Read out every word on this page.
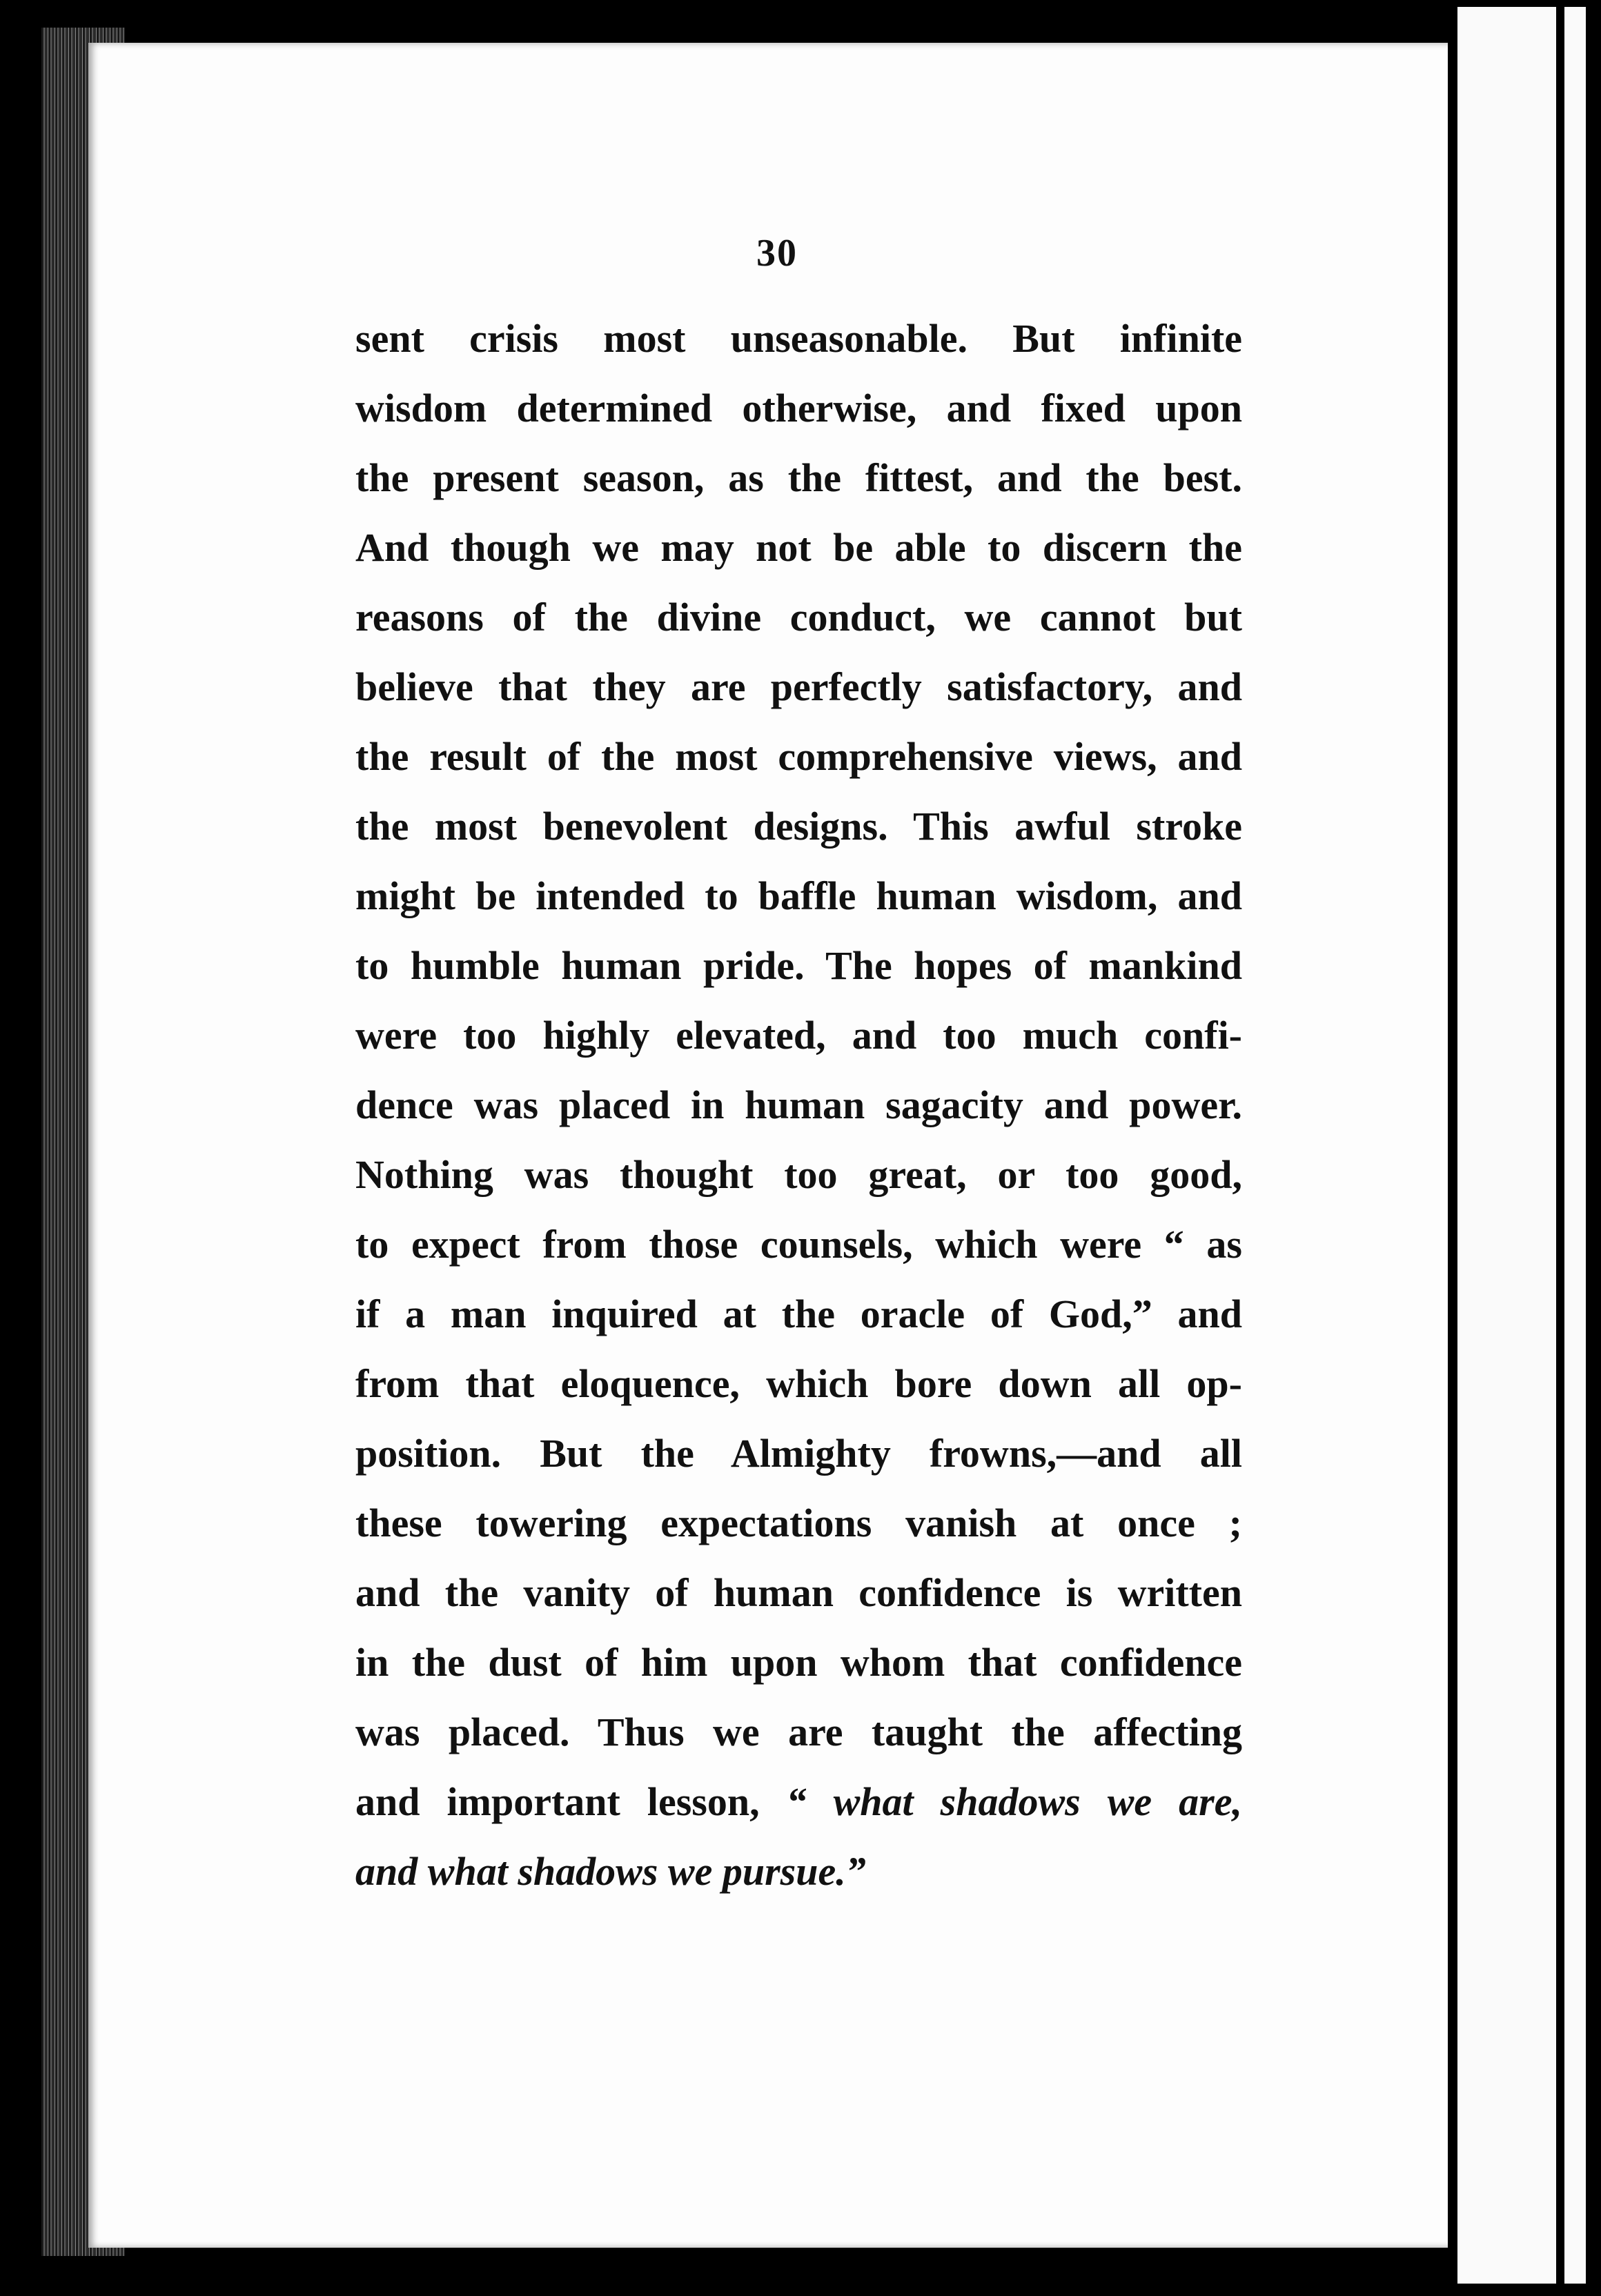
30
sent crisis most unseasonable. But infinite
wisdom determined otherwise, and fixed upon
the present season, as the fittest, and the best.
And though we may not be able to discern the
reasons of the divine conduct, we cannot but
believe that they are perfectly satisfactory, and
the result of the most comprehensive views, and
the most benevolent designs. This awful stroke
might be intended to baffle human wisdom, and
to humble human pride. The hopes of mankind
were too highly elevated, and too much confi-
dence was placed in human sagacity and power.
Nothing was thought too great, or too good,
to expect from those counsels, which were “ as
if a man inquired at the oracle of God,” and
from that eloquence, which bore down all op-
position. But the Almighty frowns,—and all
these towering expectations vanish at once ;
and the vanity of human confidence is written
in the dust of him upon whom that confidence
was placed. Thus we are taught the affecting
and important lesson, “ what shadows we are,
and what shadows we pursue.”
